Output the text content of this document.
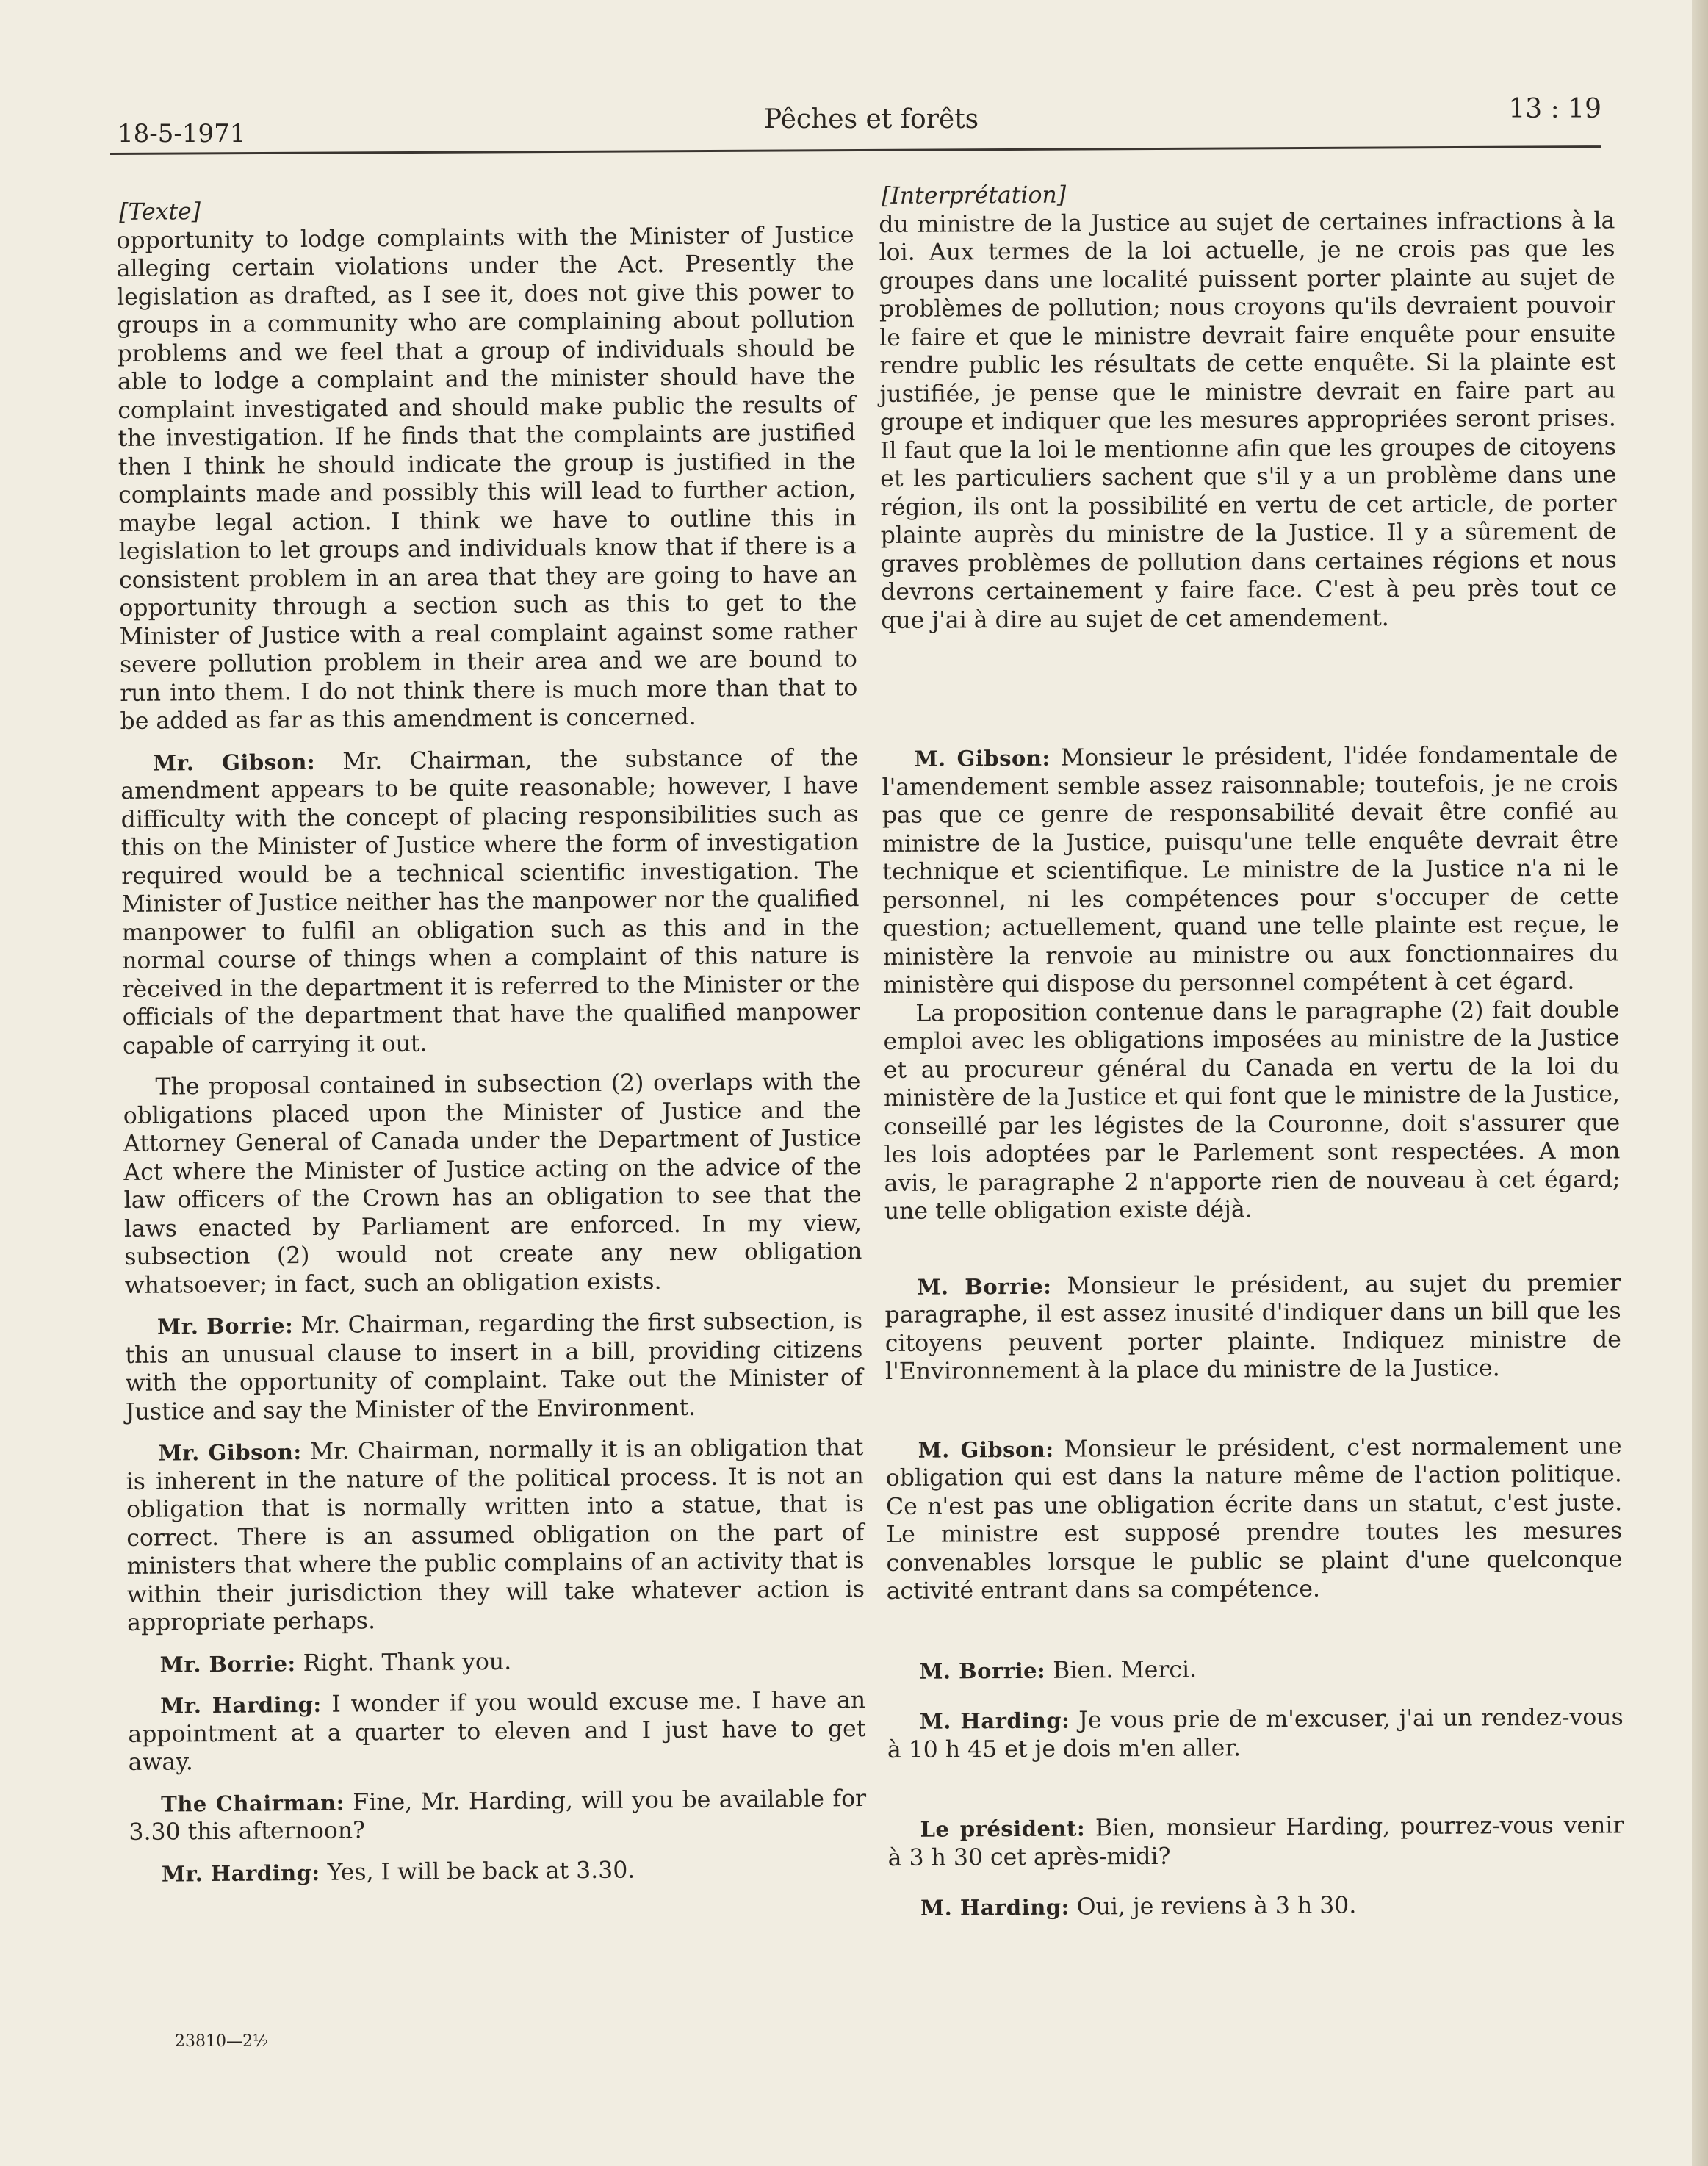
18-5-1971	Pêches et forêts	13 : 19
[Texte]

opportunity to lodge complaints with the Minister of Justice alleging certain violations under the Act. Presently the legislation as drafted, as I see it, does not give this power to groups in a community who are complaining about pollution problems and we feel that a group of individuals should be able to lodge a complaint and the minister should have the complaint investigated and should make public the results of the investigation. If he finds that the complaints are justified then I think he should indicate the group is justified in the complaints made and possibly this will lead to further action, maybe legal action. I think we have to outline this in legislation to let groups and individuals know that if there is a consistent problem in an area that they are going to have an opportunity through a section such as this to get to the Minister of Justice with a real complaint against some rather severe pollution problem in their area and we are bound to run into them. I do not think there is much more than that to be added as far as this amendment is concerned.

Mr. Gibson: Mr. Chairman, the substance of the amendment appears to be quite reasonable; however, I have difficulty with the concept of placing responsibilities such as this on the Minister of Justice where the form of investigation required would be a technical scientific investigation. The Minister of Justice neither has the manpower nor the qualified manpower to fulfil an obligation such as this and in the normal course of things when a complaint of this nature is rèceived in the department it is referred to the Minister or the officials of the department that have the qualified manpower capable of carrying it out.

The proposal contained in subsection (2) overlaps with the obligations placed upon the Minister of Justice and the Attorney General of Canada under the Department of Justice Act where the Minister of Justice acting on the advice of the law officers of the Crown has an obligation to see that the laws enacted by Parliament are enforced. In my view, subsection (2) would not create any new obligation whatsoever; in fact, such an obligation exists.

Mr. Borrie: Mr. Chairman, regarding the first subsection, is this an unusual clause to insert in a bill, providing citizens with the opportunity of complaint. Take out the Minister of Justice and say the Minister of the Environment.

Mr. Gibson: Mr. Chairman, normally it is an obligation that is inherent in the nature of the political process. It is not an obligation that is normally written into a statue, that is correct. There is an assumed obligation on the part of ministers that where the public complains of an activity that is within their jurisdiction they will take whatever action is appropriate perhaps.

Mr. Borrie: Right. Thank you.

Mr. Harding: I wonder if you would excuse me. I have an appointment at a quarter to eleven and I just have to get away.

The Chairman: Fine, Mr. Harding, will you be available for 3.30 this afternoon?

Mr. Harding: Yes, I will be back at 3.30.

[Interprétation]

du ministre de la Justice au sujet de certaines infractions à la loi. Aux termes de la loi actuelle, je ne crois pas que les groupes dans une localité puissent porter plainte au sujet de problèmes de pollution; nous croyons qu'ils devraient pouvoir le faire et que le ministre devrait faire enquête pour ensuite rendre public les résultats de cette enquête. Si la plainte est justifiée, je pense que le ministre devrait en faire part au groupe et indiquer que les mesures appropriées seront prises. Il faut que la loi le mentionne afin que les groupes de citoyens et les particuliers sachent que s'il y a un problème dans une région, ils ont la possibilité en vertu de cet article, de porter plainte auprès du ministre de la Justice. Il y a sûrement de graves problèmes de pollution dans certaines régions et nous devrons certainement y faire face. C'est à peu près tout ce que j'ai à dire au sujet de cet amendement.

M. Gibson: Monsieur le président, l'idée fondamentale de l'amendement semble assez raisonnable; toutefois, je ne crois pas que ce genre de responsabilité devait être confié au ministre de la Justice, puisqu'une telle enquête devrait être technique et scientifique. Le ministre de la Justice n'a ni le personnel, ni les compétences pour s'occuper de cette question; actuellement, quand une telle plainte est reçue, le ministère la renvoie au ministre ou aux fonctionnaires du ministère qui dispose du personnel compétent à cet égard.

La proposition contenue dans le paragraphe (2) fait double emploi avec les obligations imposées au ministre de la Justice et au procureur général du Canada en vertu de la loi du ministère de la Justice et qui font que le ministre de la Justice, conseillé par les légistes de la Couronne, doit s'assurer que les lois adoptées par le Parlement sont respectées. A mon avis, le paragraphe 2 n'apporte rien de nouveau à cet égard; une telle obligation existe déjà.

M. Borrie: Monsieur le président, au sujet du premier paragraphe, il est assez inusité d'indiquer dans un bill que les citoyens peuvent porter plainte. Indiquez ministre de l'Environnement à la place du ministre de la Justice.

M. Gibson: Monsieur le président, c'est normalement une obligation qui est dans la nature même de l'action politique. Ce n'est pas une obligation écrite dans un statut, c'est juste. Le ministre est supposé prendre toutes les mesures convenables lorsque le public se plaint d'une quelconque activité entrant dans sa compétence.

M. Borrie: Bien. Merci.

M. Harding: Je vous prie de m'excuser, j'ai un rendez-vous à 10 h 45 et je dois m'en aller.

Le président: Bien, monsieur Harding, pourrez-vous venir à 3 h 30 cet après-midi?

M. Harding: Oui, je reviens à 3 h 30.

23810—2½
